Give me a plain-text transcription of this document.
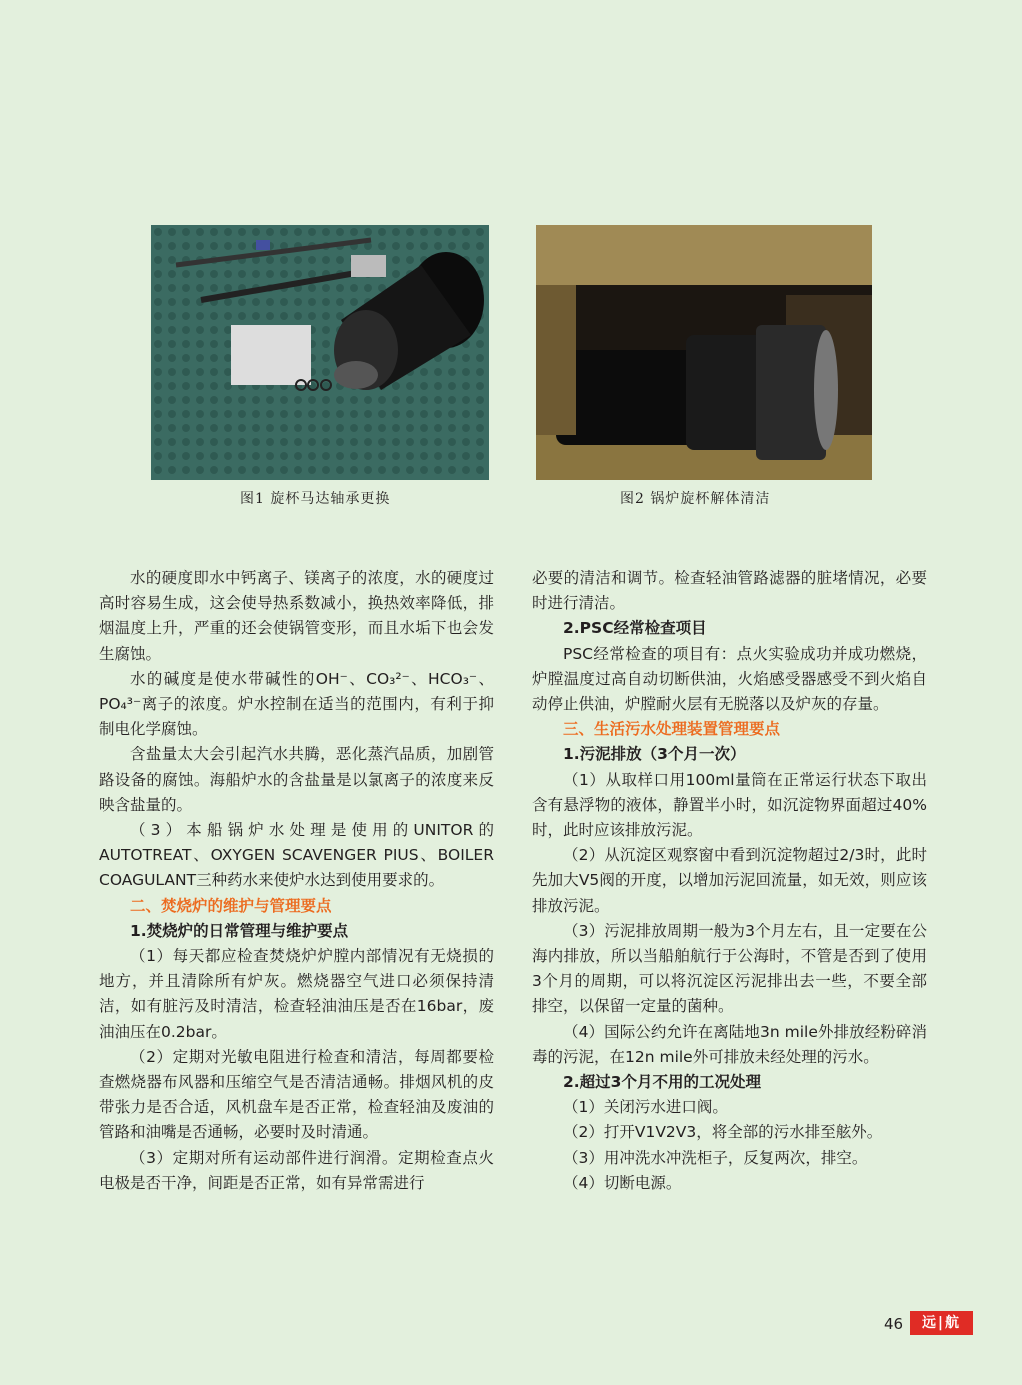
图1 旋杯马达轴承更换	图2 锅炉旋杯解体清洁

水的硬度即水中钙离子、镁离子的浓度，水的硬度过高时容易生成，这会使导热系数减小，换热效率降低，排烟温度上升，严重的还会使锅管变形，而且水垢下也会发生腐蚀。

水的碱度是使水带碱性的OH⁻、CO₃²⁻、HCO₃⁻、PO₄³⁻离子的浓度。炉水控制在适当的范围内，有利于抑制电化学腐蚀。

含盐量太大会引起汽水共腾，恶化蒸汽品质，加剧管路设备的腐蚀。海船炉水的含盐量是以氯离子的浓度来反映含盐量的。

（3）本船锅炉水处理是使用的UNITOR的AUTOTREAT、OXYGEN SCAVENGER PIUS、BOILER COAGULANT三种药水来使炉水达到使用要求的。

二、焚烧炉的维护与管理要点
1.焚烧炉的日常管理与维护要点

（1）每天都应检查焚烧炉炉膛内部情况有无烧损的地方，并且清除所有炉灰。燃烧器空气进口必须保持清洁，如有脏污及时清洁，检查轻油油压是否在16bar，废油油压在0.2bar。

（2）定期对光敏电阻进行检查和清洁，每周都要检查燃烧器布风器和压缩空气是否清洁通畅。排烟风机的皮带张力是否合适，风机盘车是否正常，检查轻油及废油的管路和油嘴是否通畅，必要时及时清通。

（3）定期对所有运动部件进行润滑。定期检查点火电极是否干净，间距是否正常，如有异常需进行

必要的清洁和调节。检查轻油管路滤器的脏堵情况，必要时进行清洁。

2.PSC经常检查项目

PSC经常检查的项目有：点火实验成功并成功燃烧，炉膛温度过高自动切断供油，火焰感受器感受不到火焰自动停止供油，炉膛耐火层有无脱落以及炉灰的存量。

三、生活污水处理装置管理要点
1.污泥排放（3个月一次）

（1）从取样口用100ml量筒在正常运行状态下取出含有悬浮物的液体，静置半小时，如沉淀物界面超过40%时，此时应该排放污泥。

（2）从沉淀区观察窗中看到沉淀物超过2/3时，此时先加大V5阀的开度，以增加污泥回流量，如无效，则应该排放污泥。

（3）污泥排放周期一般为3个月左右，且一定要在公海内排放，所以当船舶航行于公海时，不管是否到了使用3个月的周期，可以将沉淀区污泥排出去一些，不要全部排空，以保留一定量的菌种。

（4）国际公约允许在离陆地3n mile外排放经粉碎消毒的污泥，在12n mile外可排放未经处理的污水。

2.超过3个月不用的工况处理

（1）关闭污水进口阀。

（2）打开V1V2V3，将全部的污水排至舷外。

（3）用冲洗水冲洗柜子，反复两次，排空。

（4）切断电源。

46	远|航
